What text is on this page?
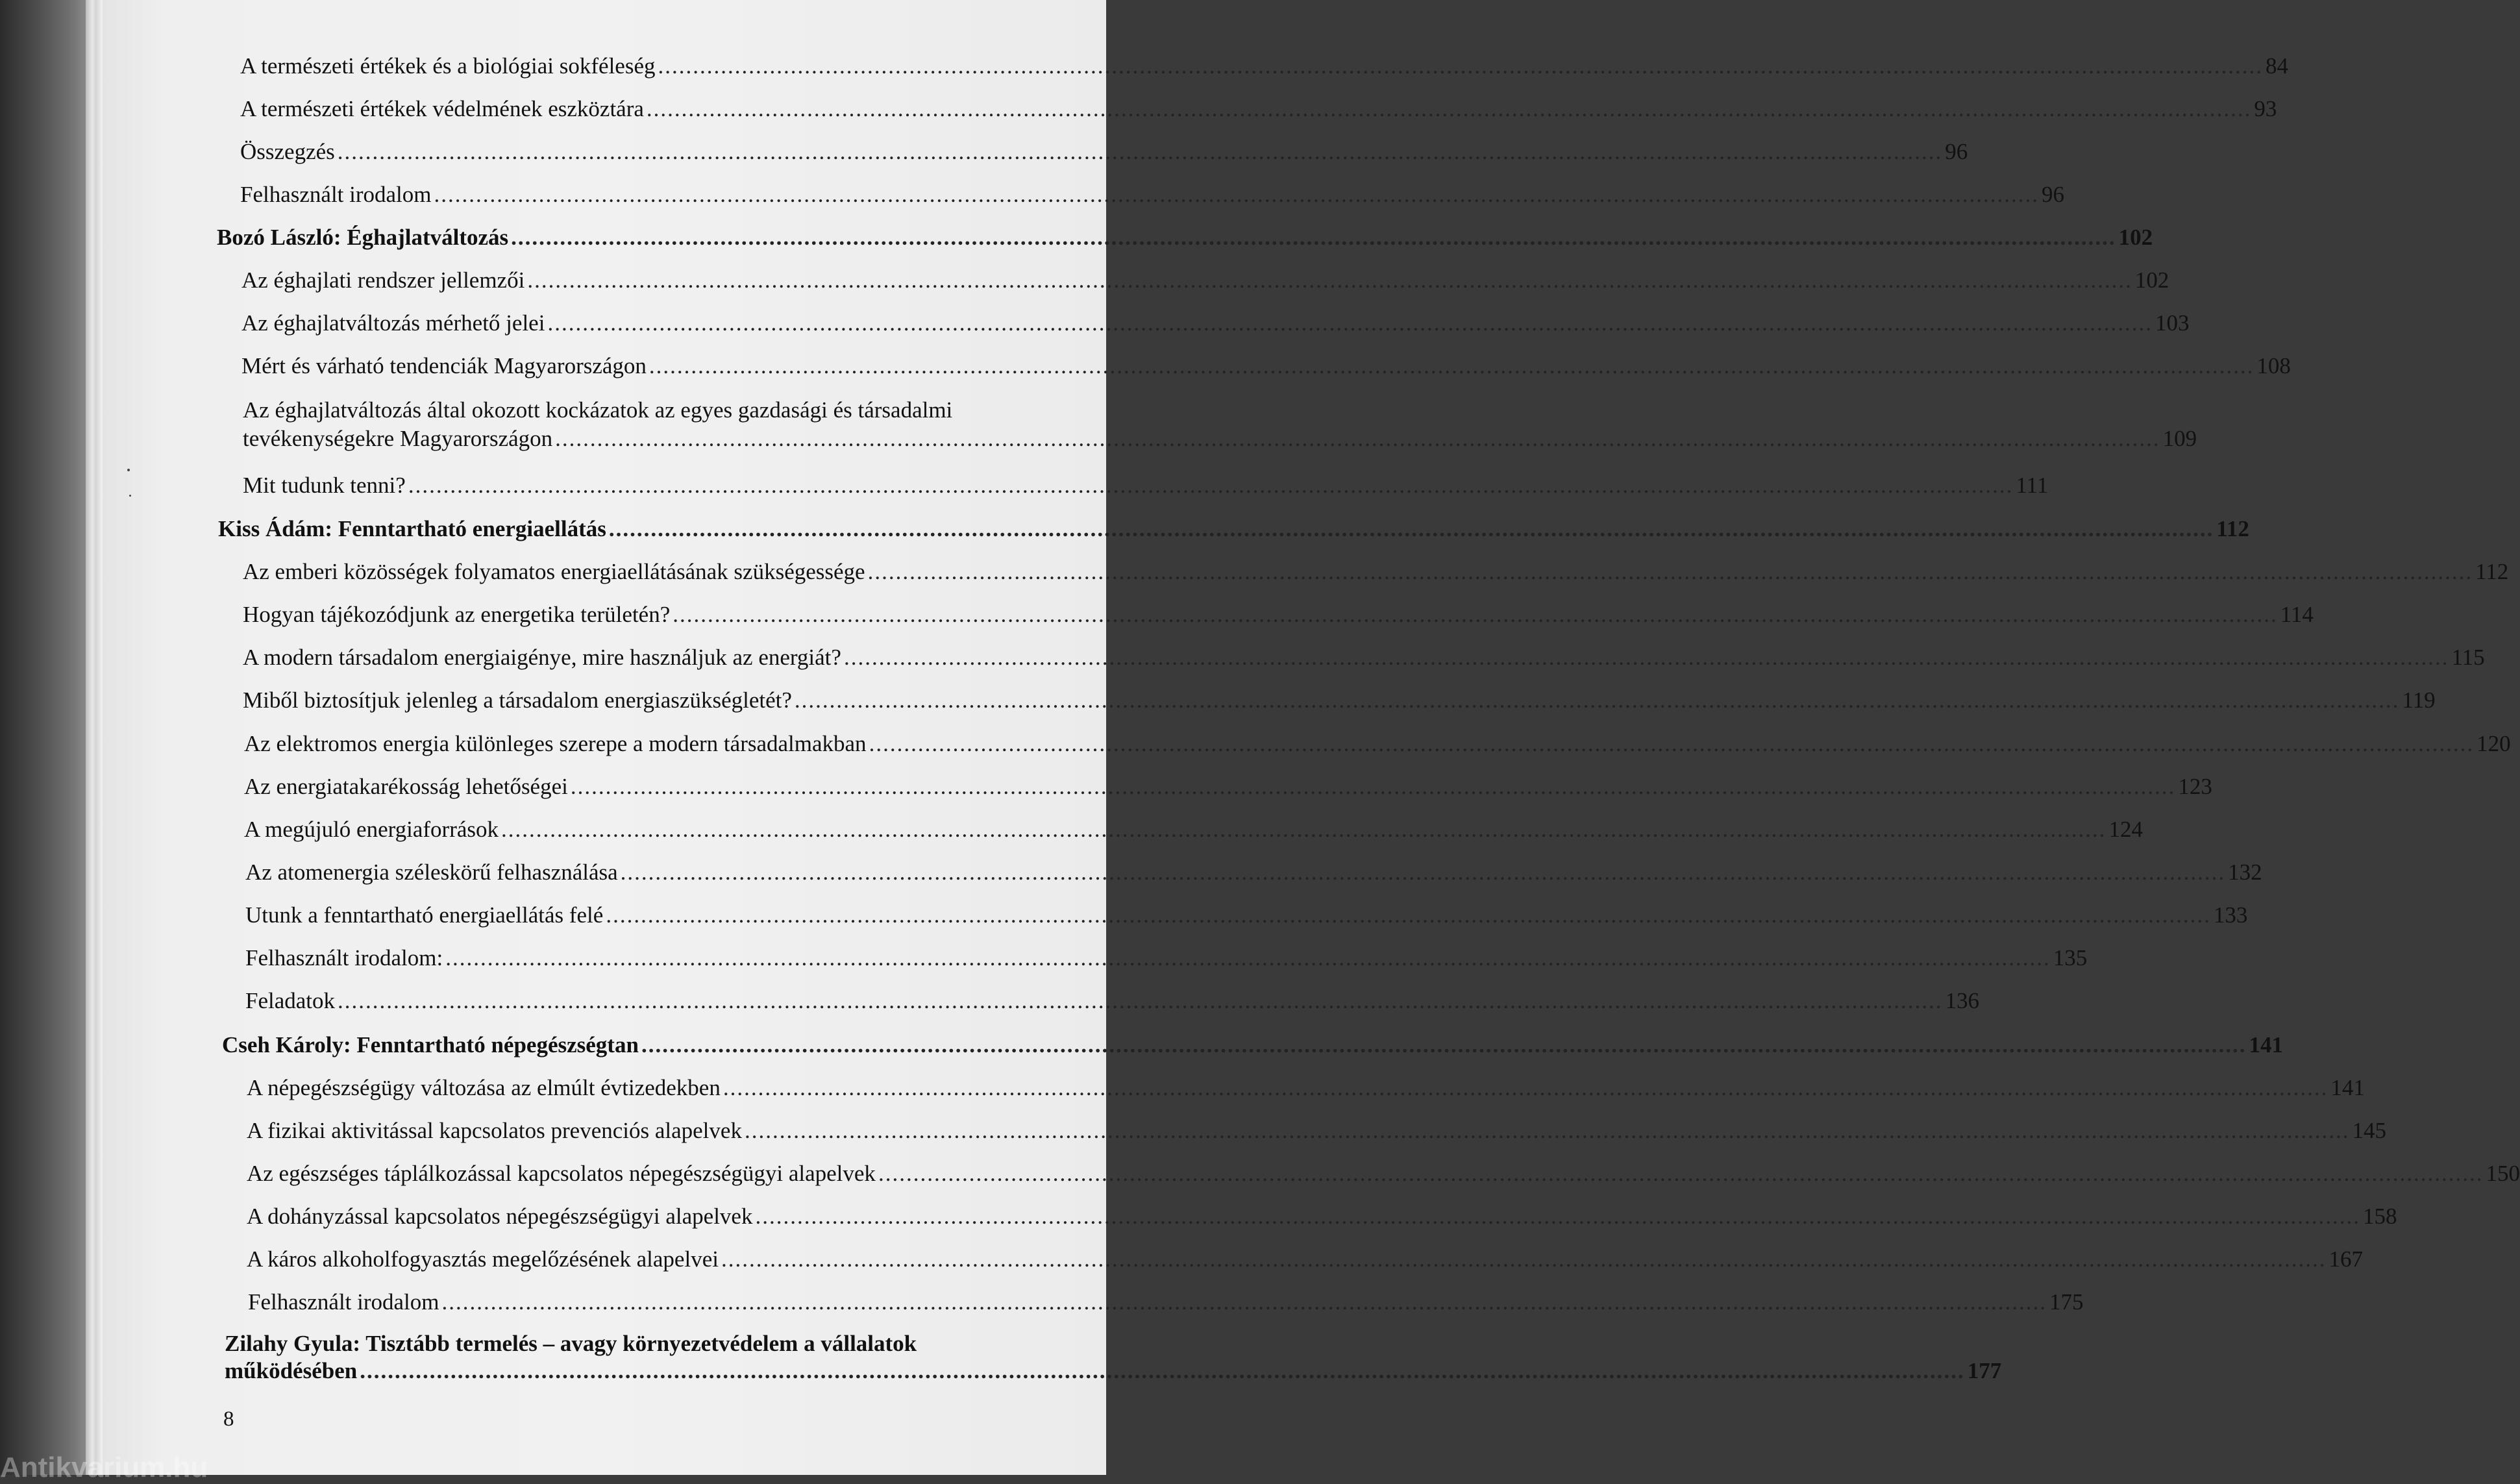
A természeti értékek és a biológiai sokféleség .....	84
A természeti értékek védelmének eszköztára .....	93
Összegzés .....	96
Felhasznált irodalom .....	96
Bozó László: Éghajlatváltozás .....	102
Az éghajlati rendszer jellemzői .....	102
Az éghajlatváltozás mérhető jelei .....	103
Mért és várható tendenciák Magyarországon .....	108
Az éghajlatváltozás által okozott kockázatok az egyes gazdasági és társadalmi
tevékenységekre Magyarországon .....	109
Mit tudunk tenni? .....	111
Kiss Ádám: Fenntartható energiaellátás .....	112
Az emberi közösségek folyamatos energiaellátásának szükségessége .....	112
Hogyan tájékozódjunk az energetika területén? .....	114
A modern társadalom energiaigénye, mire használjuk az energiát? .....	115
Miből biztosítjuk jelenleg a társadalom energiaszükségletét? .....	119
Az elektromos energia különleges szerepe a modern társadalmakban .....	120
Az energiatakarékosság lehetőségei .....	123
A megújuló energiaforrások .....	124
Az atomenergia széleskörű felhasználása .....	132
Utunk a fenntartható energiaellátás felé .....	133
Felhasznált irodalom: .....	135
Feladatok .....	136
Cseh Károly: Fenntartható népegészségtan .....	141
A népegészségügy változása az elmúlt évtizedekben .....	141
A fizikai aktivitással kapcsolatos prevenciós alapelvek .....	145
Az egészséges táplálkozással kapcsolatos népegészségügyi alapelvek .....	150
A dohányzással kapcsolatos népegészségügyi alapelvek .....	158
A káros alkoholfogyasztás megelőzésének alapelvei .....	167
Felhasznált irodalom .....	175
Zilahy Gyula: Tisztább termelés – avagy környezetvédelem a vállalatok
működésében .....	177
8
Antikvarium.hu
